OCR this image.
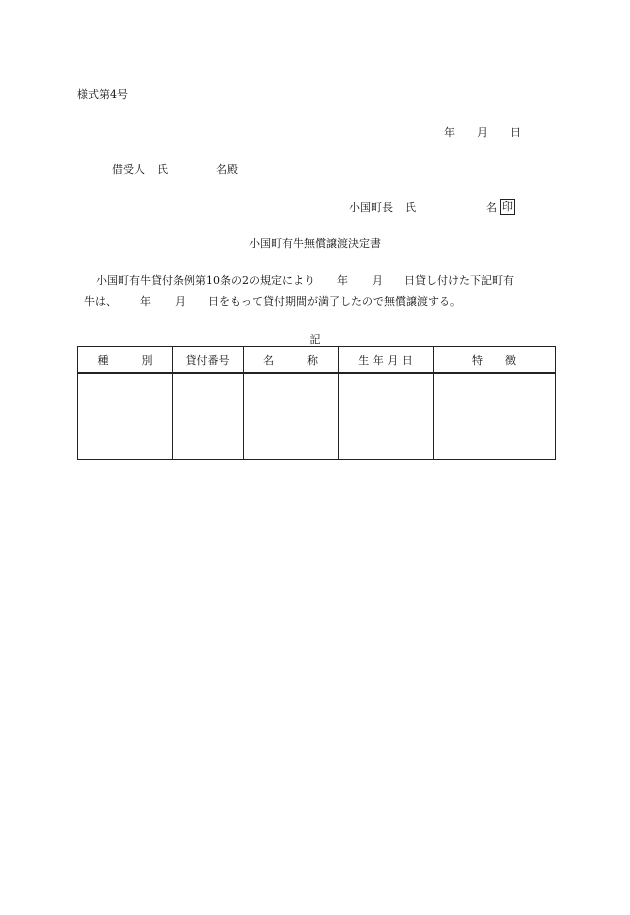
様式第4号
年 月 日
借受人 氏	名殿
小国町長 氏	名 印
小国町有牛無償譲渡決定書
小国町有牛貸付条例第10条の2の規定により 年 月 日貸し付けた下記町有
牛は、 年 月 日をもって貸付期間が満了したので無償譲渡する。
記
種　　　別	貸付番号	名　　　称	生 年 月 日	特　　徴
